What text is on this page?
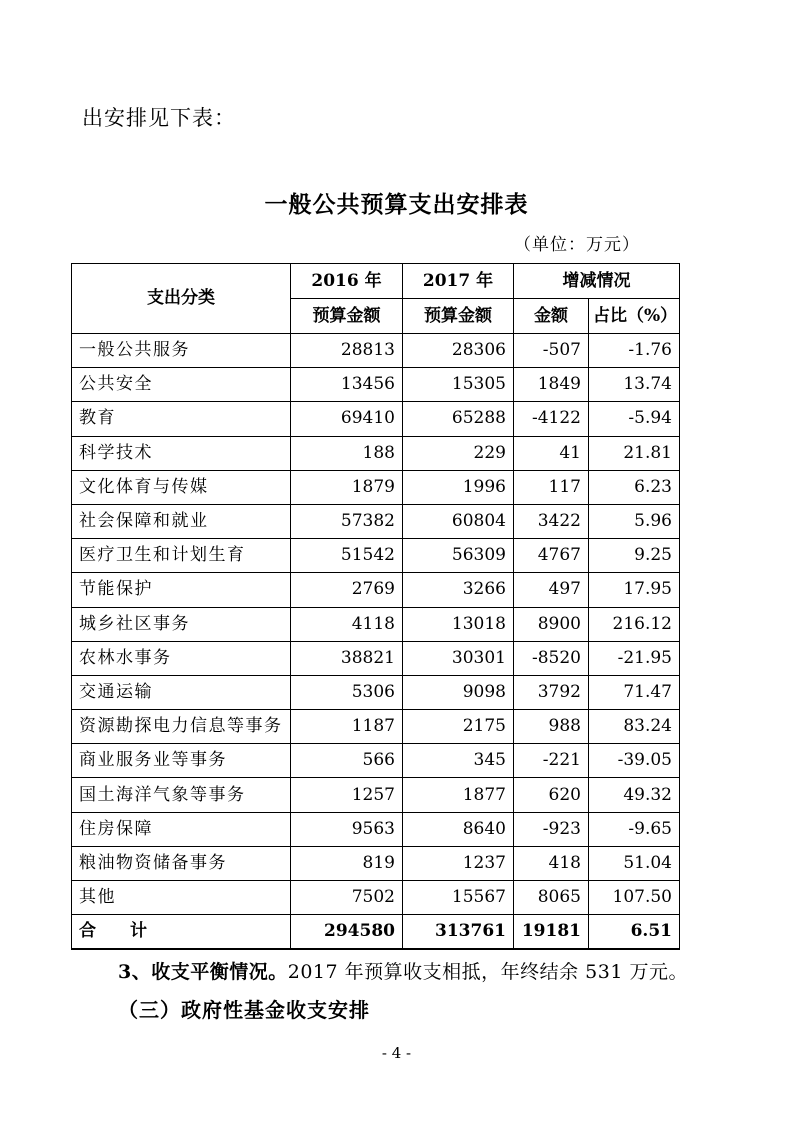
出安排见下表：
一般公共预算支出安排表
（单位：万元）
支出分类	2016 年	2017 年	增减情况	
	预算金额	预算金额	金额	占比（%）
一般公共服务	28813	28306	-507	-1.76
公共安全	13456	15305	1849	13.74
教育	69410	65288	-4122	-5.94
科学技术	188	229	41	21.81
文化体育与传媒	1879	1996	117	6.23
社会保障和就业	57382	60804	3422	5.96
医疗卫生和计划生育	51542	56309	4767	9.25
节能保护	2769	3266	497	17.95
城乡社区事务	4118	13018	8900	216.12
农林水事务	38821	30301	-8520	-21.95
交通运输	5306	9098	3792	71.47
资源勘探电力信息等事务	1187	2175	988	83.24
商业服务业等事务	566	345	-221	-39.05
国土海洋气象等事务	1257	1877	620	49.32
住房保障	9563	8640	-923	-9.65
粮油物资储备事务	819	1237	418	51.04
其他	7502	15567	8065	107.50
合 计	294580	313761	19181	6.51
3、收支平衡情况。2017 年预算收支相抵，年终结余 531 万元。
（三）政府性基金收支安排
- 4 -
